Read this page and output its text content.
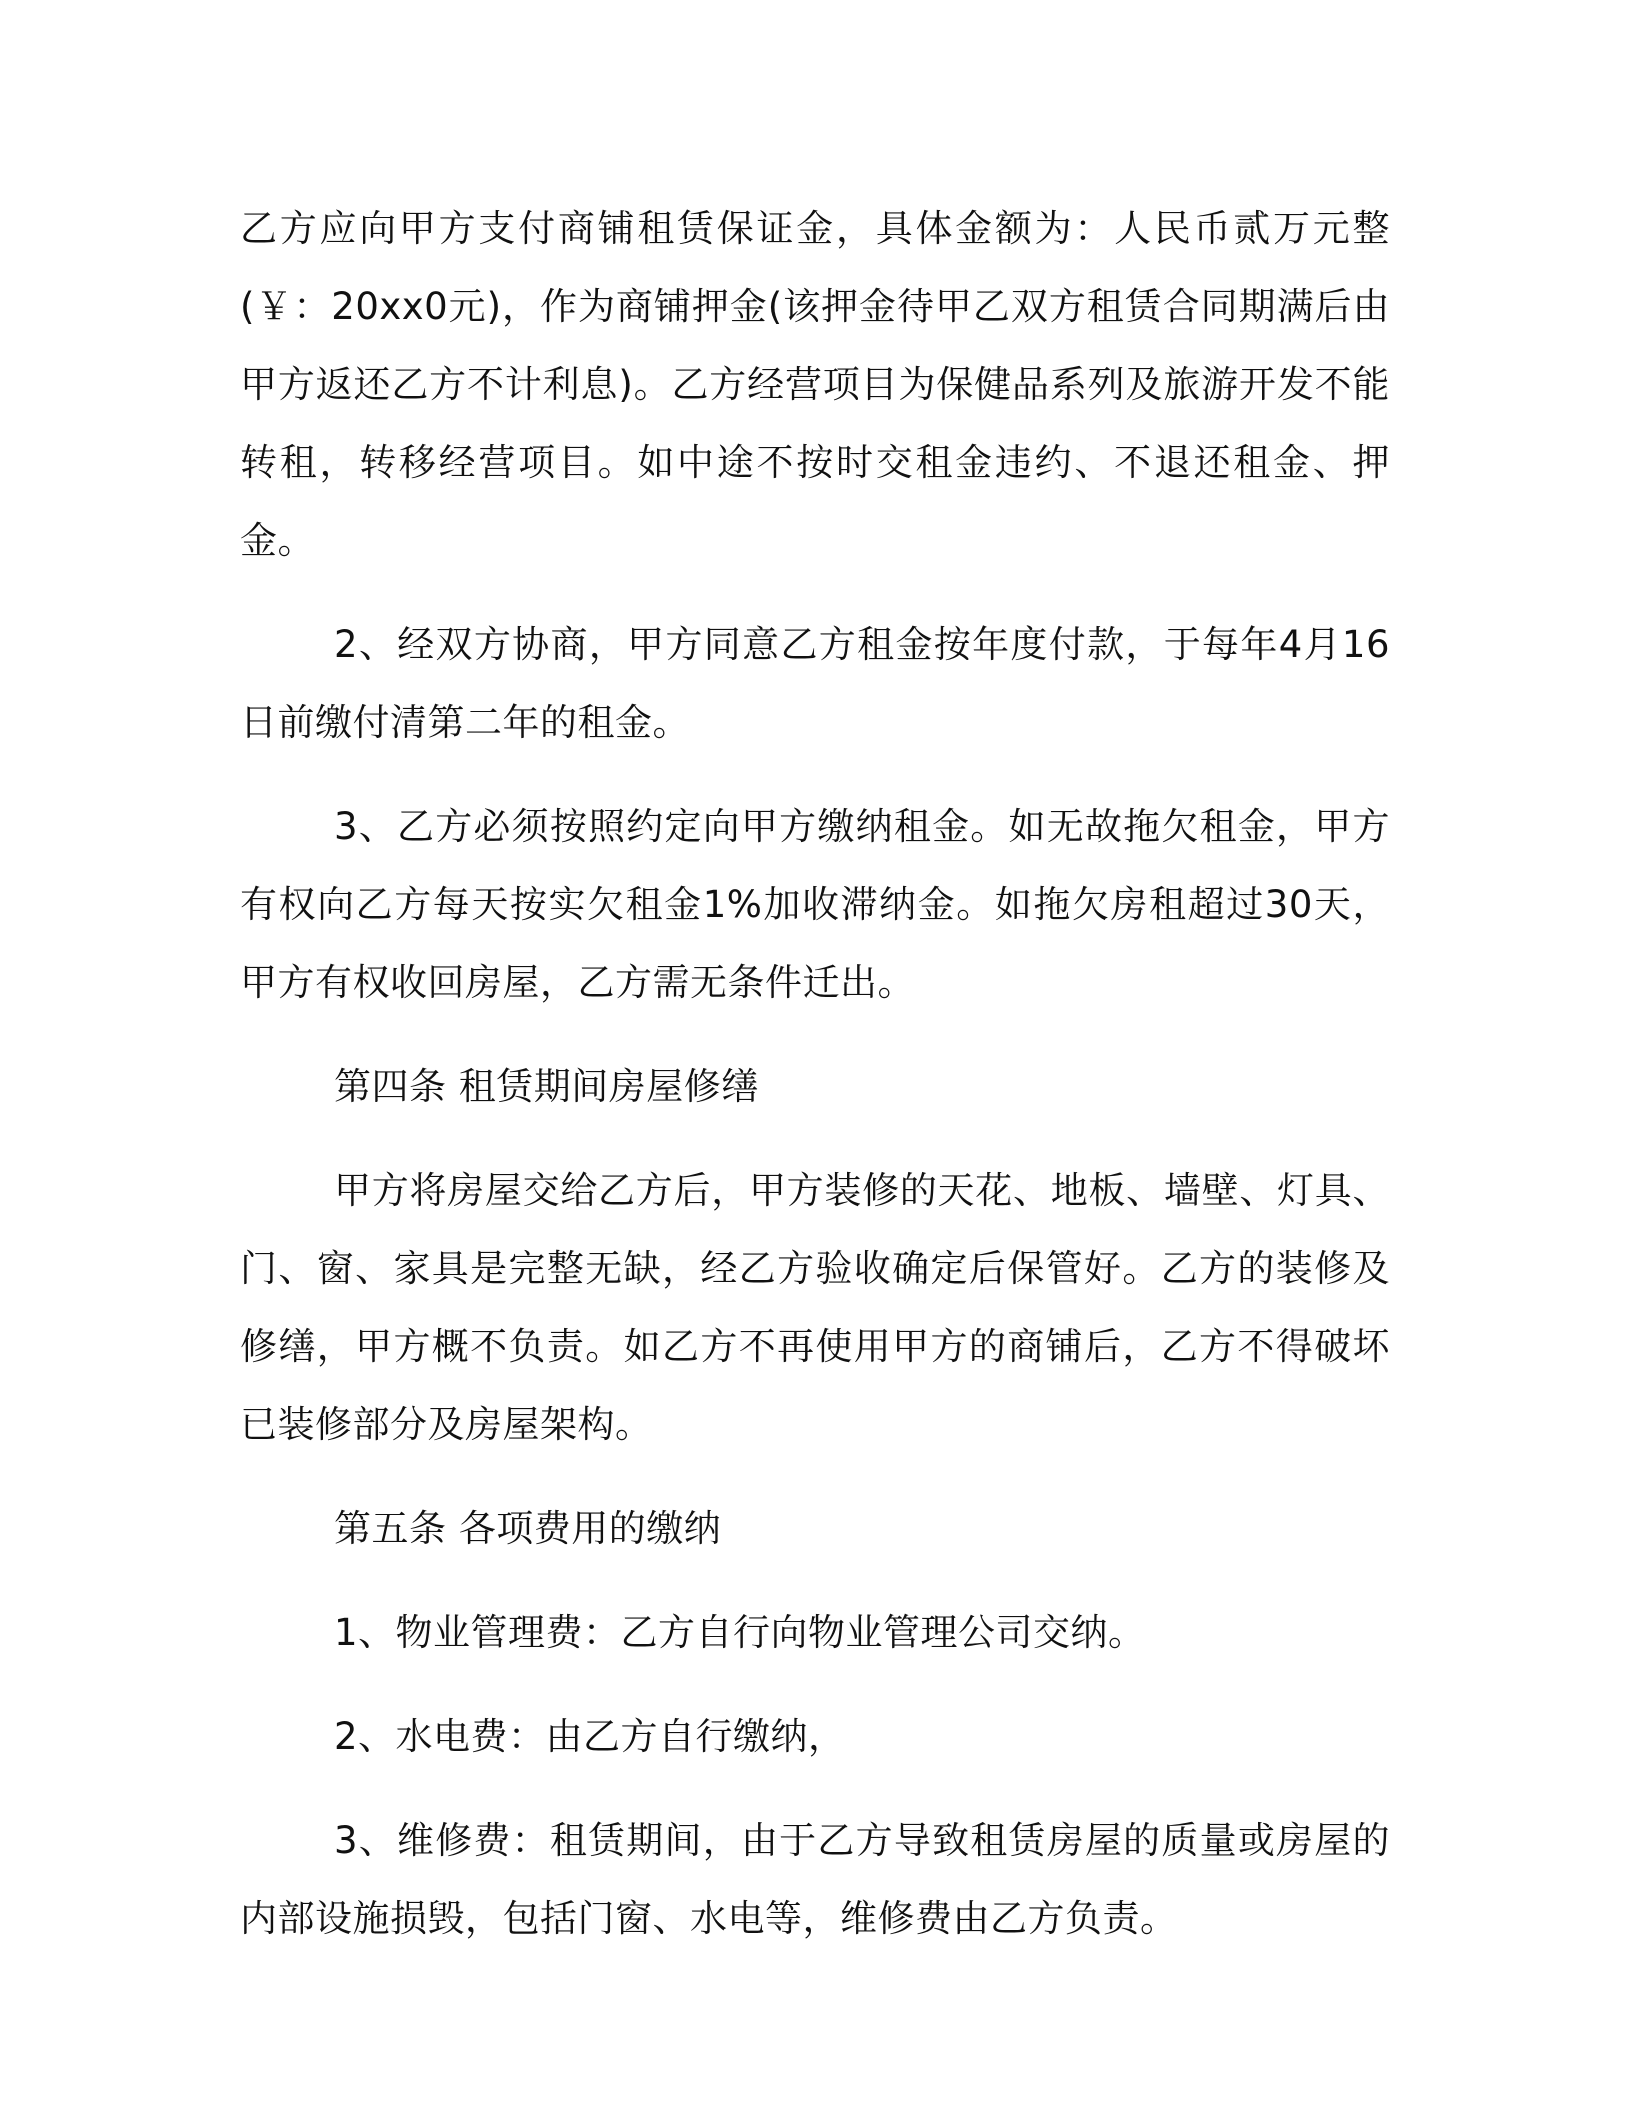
乙方应向甲方支付商铺租赁保证金，具体金额为：人民币贰万元整(￥：20xx0元)，作为商铺押金(该押金待甲乙双方租赁合同期满后由甲方返还乙方不计利息)。乙方经营项目为保健品系列及旅游开发不能转租，转移经营项目。如中途不按时交租金违约、不退还租金、押金。

2、经双方协商，甲方同意乙方租金按年度付款，于每年4月16日前缴付清第二年的租金。

3、乙方必须按照约定向甲方缴纳租金。如无故拖欠租金，甲方有权向乙方每天按实欠租金1%加收滞纳金。如拖欠房租超过30天，甲方有权收回房屋，乙方需无条件迁出。

第四条 租赁期间房屋修缮

甲方将房屋交给乙方后，甲方装修的天花、地板、墙壁、灯具、门、窗、家具是完整无缺，经乙方验收确定后保管好。乙方的装修及修缮，甲方概不负责。如乙方不再使用甲方的商铺后，乙方不得破坏已装修部分及房屋架构。

第五条 各项费用的缴纳

1、物业管理费：乙方自行向物业管理公司交纳。

2、水电费：由乙方自行缴纳，

3、维修费：租赁期间，由于乙方导致租赁房屋的质量或房屋的内部设施损毁，包括门窗、水电等，维修费由乙方负责。
